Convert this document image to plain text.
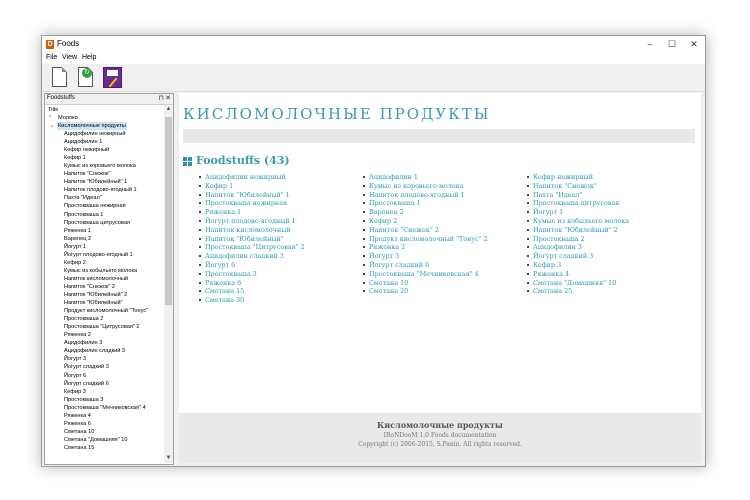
D Foods	–	☐	✕
File View Help
↻
Foodstuffs	⊓ ✕
Title
› Молоко
⌄ Кисломолочные продукты
Ацидофилин нежирный
Ацидофилин 1
Кефир нежирный
Кефир 1
Кумыс из коровьего молока
Напиток "Снежок"
Напиток "Юбилейный" 1
Напиток плодово-ягодный 1
Пахта "Идеал"
Простокваша нежирная
Простокваша 1
Простокваша цитрусовая
Ряженка 1
Варенец 2
Йогурт 1
Йогурт плодово-ягодный 1
Кефир 2
Кумыс из кобыльего молока
Напиток кисломолочный
Напиток "Снежок" 2
Напиток "Юбилейный" 2
Напиток "Юбилейный"
Продукт кисломолочный "Тонус"
Простокваша 2
Простокваша "Цитрусовая" 2
Ряженка 2
Ацидофилин 3
Ацидофилин сладкий 3
Йогурт 3
Йогурт сладкий 3
Йогурт 6
Йогурт сладкий 6
Кефир 3
Простокваша 3
Простокваша "Мечниковская" 4
Ряженка 4
Ряженка 6
Сметана 10
Сметана "Домашняя" 10
Сметана 15
▲
▼
КИСЛОМОЛОЧНЫЕ ПРОДУКТЫ
Foodstuffs (43)
Ацидофилин нежирный
Кефир 1
Напиток "Юбилейный" 1
Простокваша нежирная
Ряженка 1
Йогурт плодово-ягодный 1
Напиток кисломолочный
Напиток "Юбилейный"
Простокваша "Цитрусовая" 2
Ацидофилин сладкий 3
Йогурт 6
Простокваша 3
Ряженка 6
Сметана 15
Сметана 30
Ацидофилин 1
Кумыс из коровьего молока
Напиток плодово-ягодный 1
Простокваша 1
Варенец 2
Кефир 2
Напиток "Снежок" 2
Продукт кисломолочный "Тонус" 2
Ряженка 2
Йогурт 3
Йогурт сладкий 6
Простокваша "Мечниковская" 4
Сметана 10
Сметана 20
Кефир нежирный
Напиток "Снежок"
Пахта "Идеал"
Простокваша цитрусовая
Йогурт 1
Кумыс из кобыльего молока
Напиток "Юбилейный" 2
Простокваша 2
Ацидофилин 3
Йогурт сладкий 3
Кефир 3
Ряженка 4
Сметана "Домашняя" 10
Сметана 25
Кисломолочные продукты
IRoNDooM 1.0 Foods documentation
Copyright (c) 2006-2015, S.Panin. All rights reserved.
